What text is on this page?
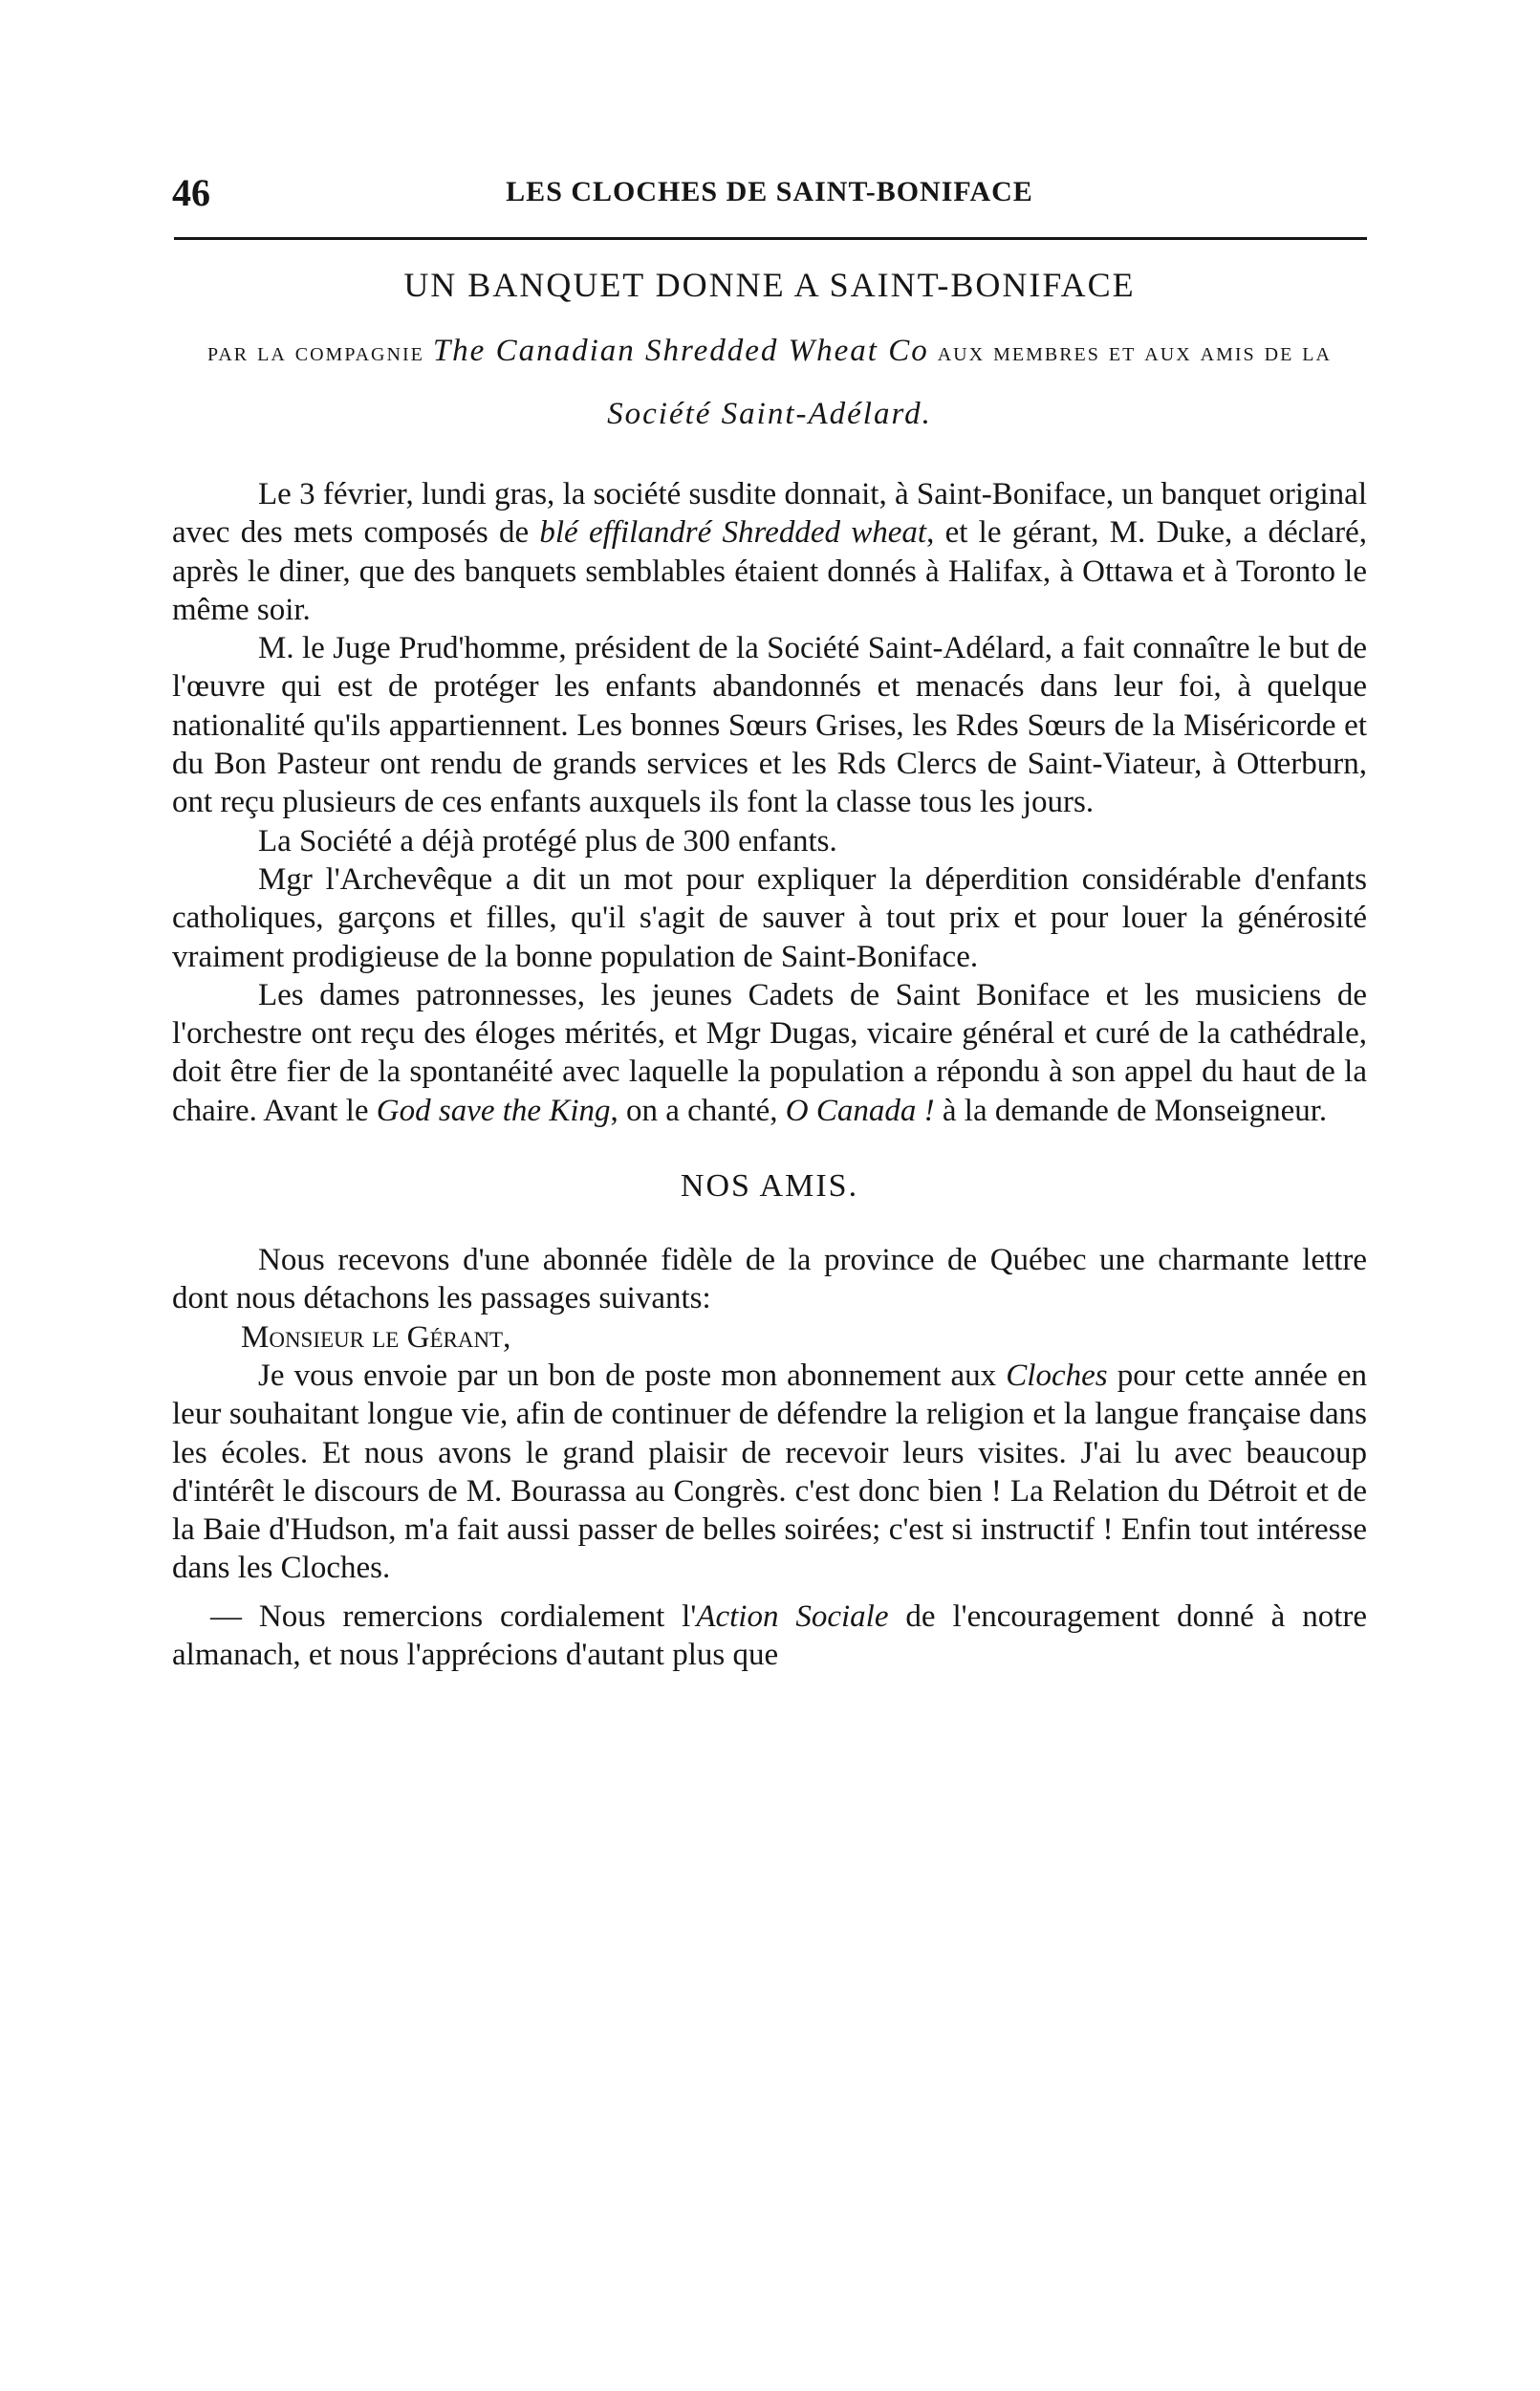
46	LES CLOCHES DE SAINT-BONIFACE
UN BANQUET DONNE A SAINT-BONIFACE
par la compagnie The Canadian Shredded Wheat Co aux membres et aux amis de la Société Saint-Adélard.

Le 3 février, lundi gras, la société susdite donnait, à Saint-Boniface, un banquet original avec des mets composés de blé effilandré Shredded wheat, et le gérant, M. Duke, a déclaré, après le diner, que des banquets semblables étaient donnés à Halifax, à Ottawa et à Toronto le même soir.

M. le Juge Prud'homme, président de la Société Saint-Adélard, a fait connaître le but de l'œuvre qui est de protéger les enfants abandonnés et menacés dans leur foi, à quelque nationalité qu'ils appartiennent. Les bonnes Sœurs Grises, les Rdes Sœurs de la Miséricorde et du Bon Pasteur ont rendu de grands services et les Rds Clercs de Saint-Viateur, à Otterburn, ont reçu plusieurs de ces enfants auxquels ils font la classe tous les jours.

La Société a déjà protégé plus de 300 enfants.

Mgr l'Archevêque a dit un mot pour expliquer la déperdition considérable d'enfants catholiques, garçons et filles, qu'il s'agit de sauver à tout prix et pour louer la générosité vraiment prodigieuse de la bonne population de Saint-Boniface.

Les dames patronnesses, les jeunes Cadets de Saint Boniface et les musiciens de l'orchestre ont reçu des éloges mérités, et Mgr Dugas, vicaire général et curé de la cathédrale, doit être fier de la spontanéité avec laquelle la population a répondu à son appel du haut de la chaire. Avant le God save the King, on a chanté, O Canada ! à la demande de Monseigneur.

NOS AMIS.

Nous recevons d'une abonnée fidèle de la province de Québec une charmante lettre dont nous détachons les passages suivants:

Monsieur le Gérant,

Je vous envoie par un bon de poste mon abonnement aux Cloches pour cette année en leur souhaitant longue vie, afin de continuer de défendre la religion et la langue française dans les écoles. Et nous avons le grand plaisir de recevoir leurs visites. J'ai lu avec beaucoup d'intérêt le discours de M. Bourassa au Congrès. c'est donc bien ! La Relation du Détroit et de la Baie d'Hudson, m'a fait aussi passer de belles soirées; c'est si instructif ! Enfin tout intéresse dans les Cloches.

— Nous remercions cordialement l'Action Sociale de l'encouragement donné à notre almanach, et nous l'apprécions d'autant plus que
